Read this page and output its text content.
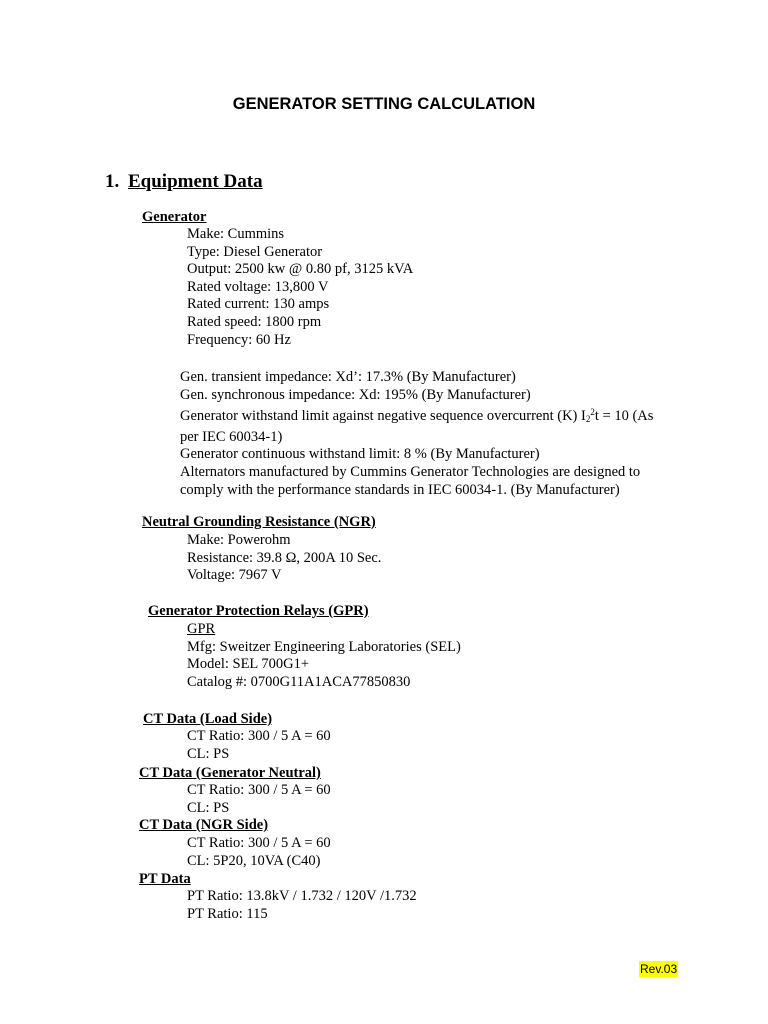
GENERATOR SETTING CALCULATION
1. Equipment Data
Generator
Make: Cummins
Type: Diesel Generator
Output: 2500 kw @ 0.80 pf, 3125 kVA
Rated voltage: 13,800 V
Rated current: 130 amps
Rated speed: 1800 rpm
Frequency: 60 Hz
Gen. transient impedance: Xd’: 17.3% (By Manufacturer)
Gen. synchronous impedance: Xd: 195% (By Manufacturer)
Generator withstand limit against negative sequence overcurrent (K) $I_2^2t = 10$ (As
per IEC 60034-1)
Generator continuous withstand limit: 8 % (By Manufacturer)
Alternators manufactured by Cummins Generator Technologies are designed to
comply with the performance standards in IEC 60034-1. (By Manufacturer)
Neutral Grounding Resistance (NGR)
Make: Powerohm
Resistance: 39.8 Ω, 200A 10 Sec.
Voltage: 7967 V
Generator Protection Relays (GPR)
GPR
Mfg: Sweitzer Engineering Laboratories (SEL)
Model: SEL 700G1+
Catalog #: 0700G11A1ACA77850830
CT Data (Load Side)
CT Ratio: 300 / 5 A = 60
CL: PS
CT Data (Generator Neutral)
CT Ratio: 300 / 5 A = 60
CL: PS
CT Data (NGR Side)
CT Ratio: 300 / 5 A = 60
CL: 5P20, 10VA (C40)
PT Data
PT Ratio: 13.8kV / 1.732 / 120V /1.732
PT Ratio: 115
Rev.03
